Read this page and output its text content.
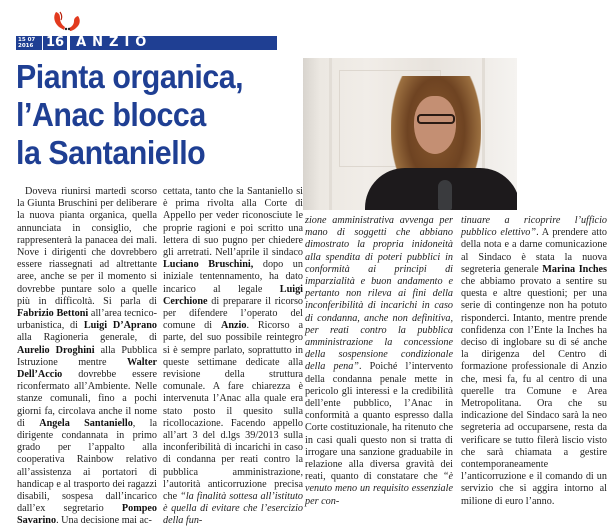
15 07
2016 16 ANZIO
Pianta organica,
l’Anac blocca
la Santaniello

Doveva riunirsi martedì scorso la Giunta Bruschini per deliberare la nuova pianta organica, quella annunciata in consiglio, che rappresenterà la panacea dei mali. Nove i dirigenti che dovrebbero essere riassegnati ad altrettante aree, anche se per il momento si dovrebbe puntare solo a quelle più in difficoltà. Si parla di Fabrizio Bettoni all’area tecnico-urbanistica, di Luigi D’Aprano alla Ragioneria generale, di Aurelio Droghini alla Pubblica Istruzione mentre Walter Dell’Accio dovrebbe essere riconfermato all’Ambiente. Nelle stanze comunali, fino a pochi giorni fa, circolava anche il nome di Angela Santaniello, la dirigente condannata in primo grado per l’appalto alla cooperativa Rainbow relativo all’assistenza ai portatori di handicap e al trasporto dei ragazzi disabili, sospesa dall’incarico dall’ex segretario Pompeo Savarino. Una decisione mai ac-

cettata, tanto che la Santaniello si è prima rivolta alla Corte di Appello per veder riconosciute le proprie ragioni e poi scritto una lettera di suo pugno per chiedere gli arretrati. Nell’aprile il sindaco Luciano Bruschini, dopo un iniziale tentennamento, ha dato incarico al legale Luigi Cerchione di preparare il ricorso per difendere l’operato del comune di Anzio. Ricorso a parte, del suo possibile reintegro si è sempre parlato, soprattutto in queste settimane dedicate alla revisione della struttura comunale. A fare chiarezza è intervenuta l’Anac alla quale era stato posto il quesito sulla ricollocazione. Facendo appello all’art 3 del d.lgs 39/2013 sulla inconferibilità di incarichi in caso di condanna per reati contro la pubblica amministrazione, l’autorità anticorruzione precisa che “la finalità sottesa all’istituto è quella di evitare che l’esercizio della fun-

zione amministrativa avvenga per mano di soggetti che abbiano dimostrato la propria inidoneità alla spendita di poteri pubblici in conformità ai principi di imparzialità e buon andamento e pertanto non rileva ai fini della inconferibilità di incarichi in caso di condanna, anche non definitiva, per reati contro la pubblica amministrazione la concessione della sospensione condizionale della pena”. Poiché l’intervento della condanna penale mette in pericolo gli interessi e la credibilità dell’ente pubblico, l’Anac in conformità a quanto espresso dalla Corte costituzionale, ha ritenuto che in casi quali questo non si tratta di irrogare una sanzione graduabile in relazione alla diversa gravità dei reati, quanto di constatare che “è venuto meno un requisito essenziale per con-

tinuare a ricoprire l’ufficio pubblico elettivo”. A prendere atto della nota e a darne comunicazione al Sindaco è stata la nuova segreteria generale Marina Inches che abbiamo provato a sentire su questa e altre questioni; per una serie di contingenze non ha potuto risponderci. Intanto, mentre prende confidenza con l’Ente la Inches ha deciso di inglobare su di sé anche la dirigenza del Centro di formazione professionale di Anzio che, mesi fa, fu al centro di una querelle tra Comune e Area Metropolitana. Ora che su indicazione del Sindaco sarà la neo segreteria ad occuparsene, resta da verificare se tutto filerà liscio visto che sarà chiamata a gestire contemporaneamente l’anticorruzione e il comando di un servizio che si aggira intorno al milione di euro l’anno.
